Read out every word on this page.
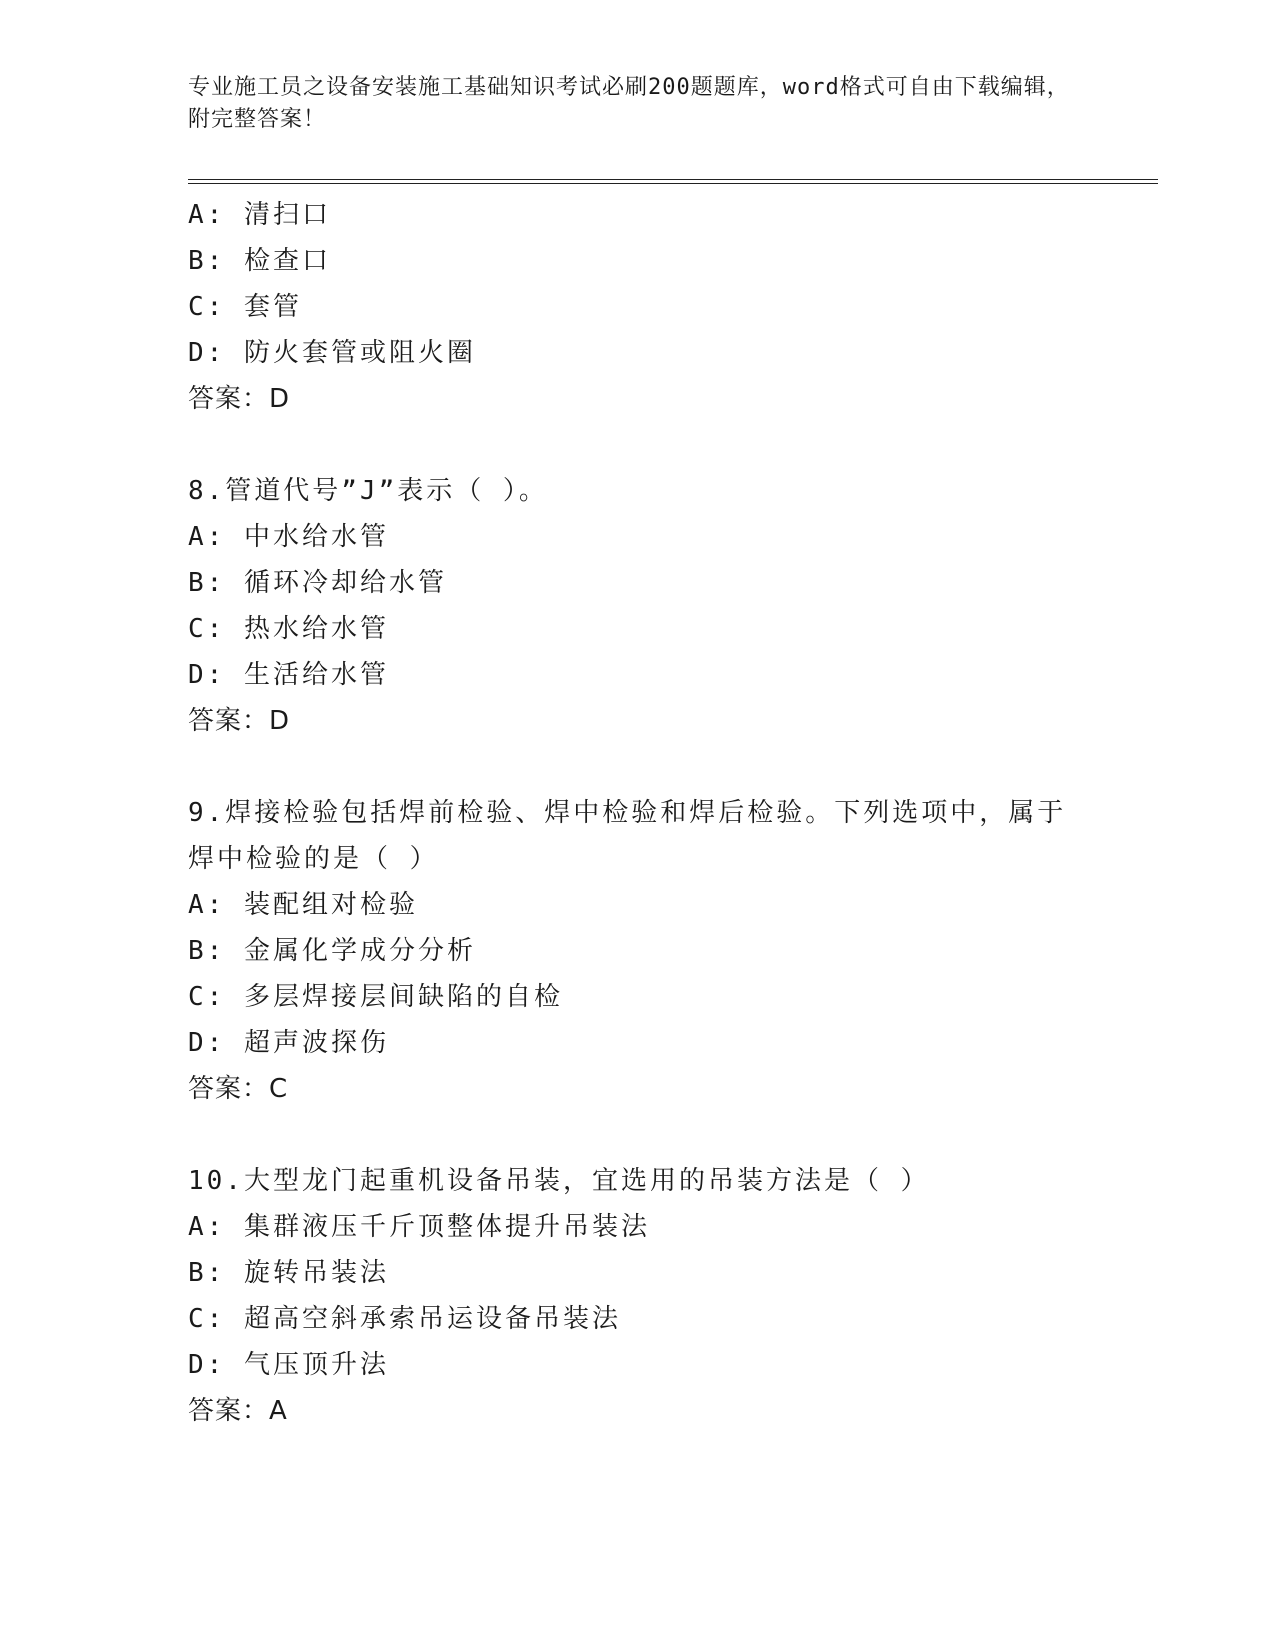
专业施工员之设备安装施工基础知识考试必刷200题题库，word格式可自由下载编辑，附完整答案！
A: 清扫口
B: 检查口
C: 套管
D: 防火套管或阻火圈
答案：D
8.管道代号”J”表示（ ）。
A: 中水给水管
B: 循环冷却给水管
C: 热水给水管
D: 生活给水管
答案：D
9.焊接检验包括焊前检验、焊中检验和焊后检验。下列选项中，属于焊中检验的是（ ）
A: 装配组对检验
B: 金属化学成分分析
C: 多层焊接层间缺陷的自检
D: 超声波探伤
答案：C
10.大型龙门起重机设备吊装，宜选用的吊装方法是（ ）
A: 集群液压千斤顶整体提升吊装法
B: 旋转吊装法
C: 超高空斜承索吊运设备吊装法
D: 气压顶升法
答案：A
